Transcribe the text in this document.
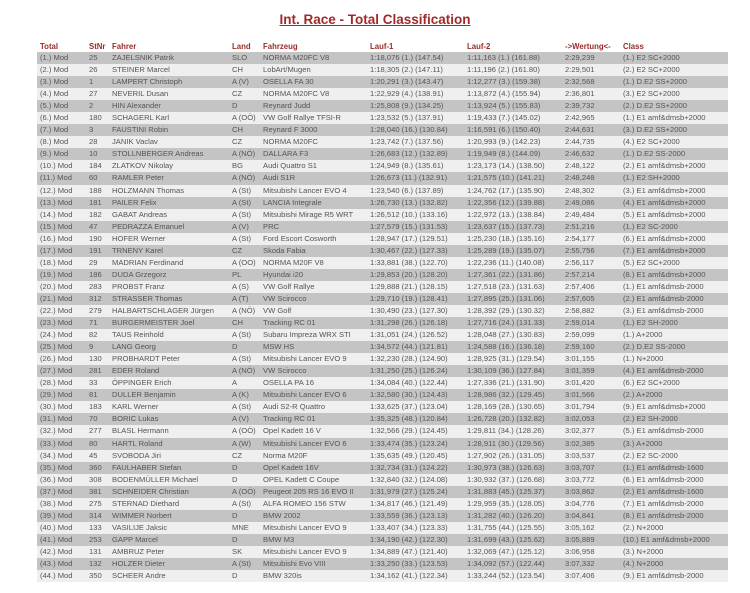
Int. Race - Total Classification
Total	StNr	Fahrer	Land	Fahrzeug	Lauf-1	Lauf-2	->Wertung<-	Class
(1.) Mod	25	ZAJELSNIK Patrik	SLO	NORMA M20FC V8	1:18,076 (1.) (147.54)	1:11,163 (1.) (161.88)	2:29,239	(1.) E2 SC+2000
(2.) Mod	26	STEINER Marcel	CH	LobArt/Mugen	1:18,305 (2.) (147.11)	1:11,196 (2.) (161.80)	2:29,501	(2.) E2 SC+2000
(3.) Mod	1	LAMPERT Christoph	A (V)	OSELLA FA 30	1:20,291 (3.) (143.47)	1:12,277 (3.) (159.38)	2:32,568	(1.) D.E2 SS+2000
(4.) Mod	27	NEVERIL Dusan	CZ	NORMA M20FC V8	1:22,929 (4.) (138.91)	1:13,872 (4.) (155.94)	2:36,801	(3.) E2 SC+2000
(5.) Mod	2	HIN Alexander	D	Reynard Judd	1:25,808 (9.) (134.25)	1:13,924 (5.) (155.83)	2:39,732	(2.) D.E2 SS+2000
(6.) Mod	180	SCHAGERL Karl	A (OÖ)	VW Golf Rallye TFSI-R	1:23,532 (5.) (137.91)	1:19,433 (7.) (145.02)	2:42,965	(1.) E1 amf&dmsb+2000
(7.) Mod	3	FAUSTINI Robin	CH	Reynard F 3000	1:28,040 (16.) (130.84)	1:16,591 (6.) (150.40)	2:44,631	(3.) D.E2 SS+2000
(8.) Mod	28	JANIK Vaclav	CZ	NORMA M20FC	1:23,742 (7.) (137.56)	1:20,993 (9.) (142.23)	2:44,735	(4.) E2 SC+2000
(9.) Mod	10	STOLLNBERGER Andreas	A (NÖ)	DALLARA F3	1:26,683 (12.) (132.89)	1:19,949 (8.) (144.09)	2:46,632	(1.) D.E2 SS-2000
(10.) Mod	184	ZLATKOV Nikolay	BG	Audi Quattro S1	1:24,949 (8.) (135.61)	1:23,173 (14.) (138.50)	2:48,122	(2.) E1 amf&dmsb+2000
(11.) Mod	60	RAMLER Peter	A (NÖ)	Audi S1R	1:26,673 (11.) (132.91)	1:21,575 (10.) (141.21)	2:48,248	(1.) E2 SH+2000
(12.) Mod	188	HOLZMANN Thomas	A (St)	Mitsubishi Lancer EVO 4	1:23,540 (6.) (137.89)	1:24,762 (17.) (135.90)	2:48,302	(3.) E1 amf&dmsb+2000
(13.) Mod	181	PAILER Felix	A (St)	LANCIA Integrale	1:26,730 (13.) (132.82)	1:22,356 (12.) (139.88)	2:49,086	(4.) E1 amf&dmsb+2000
(14.) Mod	182	GABAT Andreas	A (St)	Mitsubishi Mirage R5 WRT	1:26,512 (10.) (133.16)	1:22,972 (13.) (138.84)	2:49,484	(5.) E1 amf&dmsb+2000
(15.) Mod	47	PEDRAZZA Emanuel	A (V)	PRC	1:27,579 (15.) (131.53)	1:23,637 (15.) (137.73)	2:51,216	(1.) E2 SC-2000
(16.) Mod	190	HOFER Werner	A (St)	Ford Escort Cosworth	1:28,947 (17.) (129.51)	1:25,230 (18.) (135.16)	2:54,177	(6.) E1 amf&dmsb+2000
(17.) Mod	191	TRNENY Karel	CZ	Skoda Fabia	1:30,467 (22.) (127.33)	1:25,289 (19.) (135.07)	2:55,756	(7.) E1 amf&dmsb+2000
(18.) Mod	29	MADRIAN Ferdinand	A (OO)	NORMA M20F V8	1:33,881 (38.) (122.70)	1:22,236 (11.) (140.08)	2:56,117	(5.) E2 SC+2000
(19.) Mod	186	DUDA Grzegorz	PL	Hyundai i20	1:29,853 (20.) (128.20)	1:27,361 (22.) (131.86)	2:57,214	(8.) E1 amf&dmsb+2000
(20.) Mod	283	PROBST Franz	A (S)	VW Golf Rallye	1:29,888 (21.) (128.15)	1:27,518 (23.) (131.63)	2:57,406	(1.) E1 amf&dmsb-2000
(21.) Mod	312	STRASSER Thomas	A (T)	VW Scirocco	1:29,710 (19.) (128.41)	1:27,895 (25.) (131.06)	2:57,605	(2.) E1 amf&dmsb-2000
(22.) Mod	279	HALBARTSCHLAGER Jürgen	A (NÖ)	VW Golf	1:30,490 (23.) (127.30)	1:28,392 (29.) (130.32)	2:58,882	(3.) E1 amf&dmsb-2000
(23.) Mod	71	BURGERMEISTER Joel	CH	Tracking RC 01	1:31,298 (26.) (126.18)	1:27,716 (24.) (131.33)	2:59,014	(1.) E2 SH-2000
(24.) Mod	82	TAUS Reinhold	A (St)	Subaru Impreza WRX STI	1:31,051 (24.) (126.52)	1:28,048 (27.) (130.83)	2:59,099	(1.) A+2000
(25.) Mod	9	LANG Georg	D	MSW HS	1:34,572 (44.) (121.81)	1:24,588 (16.) (136.18)	2:59,160	(2.) D.E2 SS-2000
(26.) Mod	130	PROBHARDT Peter	A (St)	Mitsubishi Lancer EVO 9	1:32,230 (28.) (124.90)	1:28,925 (31.) (129.54)	3:01,155	(1.) N+2000
(27.) Mod	281	EDER Roland	A (NÖ)	VW Scirocco	1:31,250 (25.) (126.24)	1:30,109 (36.) (127.84)	3:01,359	(4.) E1 amf&dmsb-2000
(28.) Mod	33	ÖPPINGER Erich	A	OSELLA PA 16	1:34,084 (40.) (122.44)	1:27,336 (21.) (131.90)	3:01,420	(6.) E2 SC+2000
(29.) Mod	81	DULLER Benjamin	A (K)	Mitsubishi Lancer EVO 6	1:32,580 (30.) (124.43)	1:28,986 (32.) (129.45)	3:01,566	(2.) A+2000
(30.) Mod	183	KARL Werner	A (St)	Audi S2-R Quattro	1:33,625 (37.) (123.04)	1:28,169 (28.) (130.65)	3:01,794	(9.) E1 amf&dmsb+2000
(31.) Mod	70	BORIC Lukas	A (V)	Tracking RC 01	1:35,325 (48.) (120.84)	1:26,728 (20.) (132.82)	3:02,053	(2.) E2 SH-2000
(32.) Mod	277	BLASL Hermann	A (OÖ)	Opel Kadett 16 V	1:32,566 (29.) (124.45)	1:29,811 (34.) (128.26)	3:02,377	(5.) E1 amf&dmsb-2000
(33.) Mod	80	HARTL Roland	A (W)	Mitsubishi Lancer EVO 6	1:33,474 (35.) (123.24)	1:28,911 (30.) (129.56)	3:02,385	(3.) A+2000
(34.) Mod	45	SVOBODA Jiri	CZ	Norma M20F	1:35,635 (49.) (120.45)	1:27,902 (26.) (131.05)	3:03,537	(2.) E2 SC-2000
(35.) Mod	360	FAULHABER Stefan	D	Opel Kadett 16V	1:32,734 (31.) (124.22)	1:30,973 (38.) (126.63)	3:03,707	(1.) E1 amf&dmsb-1600
(36.) Mod	308	BODENMÜLLER Michael	D	OPEL Kadett C Coupe	1:32,840 (32.) (124.08)	1:30,932 (37.) (126.68)	3:03,772	(6.) E1 amf&dmsb-2000
(37.) Mod	381	SCHNEIDER Christian	A (OÖ)	Peugeot 205 RS 16 EVO II	1:31,979 (27.) (125.24)	1:31,883 (45.) (125.37)	3:03,862	(2.) E1 amf&dmsb-1600
(38.) Mod	275	STERNAD Diethard	A (St)	ALFA ROMEO 156 STW	1:34,817 (46.) (121.49)	1:29,959 (35.) (128.05)	3:04,776	(7.) E1 amf&dmsb-2000
(39.) Mod	314	WIMMER Norbert	D	BMW 2002	1:33,559 (36.) (123.13)	1:31,282 (40.) (126.20)	3:04,841	(8.) E1 amf&dmsb-2000
(40.) Mod	133	VASILIJE Jaksic	MNE	Mitsubishi Lancer EVO 9	1:33,407 (34.) (123.33)	1:31,755 (44.) (125.55)	3:05,162	(2.) N+2000
(41.) Mod	253	GAPP Marcel	D	BMW M3	1:34,190 (42.) (122.30)	1:31,699 (43.) (125.62)	3:05,889	(10.) E1 amf&dmsb+2000
(42.) Mod	131	AMBRUZ Peter	SK	Mitsubishi Lancer EVO 9	1:34,889 (47.) (121.40)	1:32,069 (47.) (125.12)	3:06,958	(3.) N+2000
(43.) Mod	132	HOLZER Dieter	A (St)	Mitsubishi Evo VIII	1:33,250 (33.) (123.53)	1:34,092 (57.) (122.44)	3:07,332	(4.) N+2000
(44.) Mod	350	SCHEER Andre	D	BMW 320is	1:34,162 (41.) (122.34)	1:33,244 (52.) (123.54)	3:07,406	(9.) E1 amf&dmsb-2000
